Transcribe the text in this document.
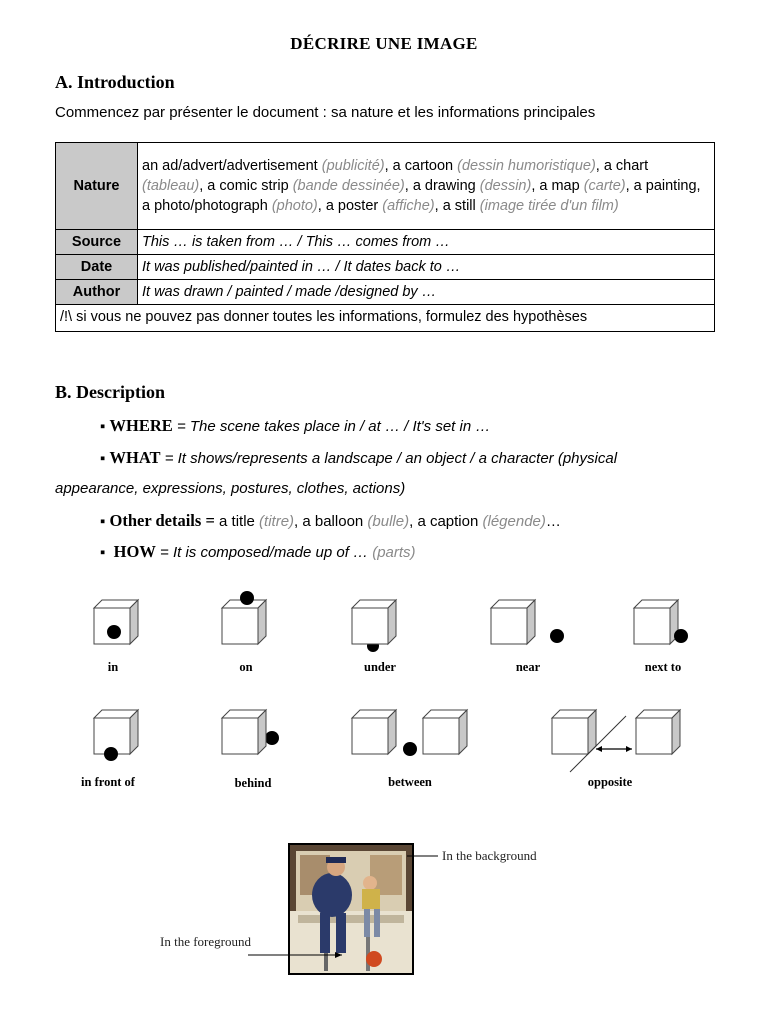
DÉCRIRE UNE IMAGE
A. Introduction
Commencez par présenter le document : sa nature et les informations principales
Nature	an ad/advert/advertisement (publicité), a cartoon (dessin humoristique), a chart (tableau), a comic strip (bande dessinée), a drawing (dessin), a map (carte), a painting, a photo/photograph (photo), a poster (affiche), a still (image tirée d'un film)
Source	This … is taken from … / This … comes from …
Date	It was published/painted in … / It dates back to …
Author	It was drawn / painted / made /designed by …
/!\ si vous ne pouvez pas donner toutes les informations, formulez des hypothèses	
B. Description
▪ WHERE = The scene takes place in / at … / It's set in …
▪ WHAT = It shows/represents a landscape / an object / a character (physical
appearance, expressions, postures, clothes, actions)
▪ Other details = a title (titre), a balloon (bulle), a caption (légende)…
▪  HOW = It is composed/made up of … (parts)
in	on	under	near	next to
in front of	behind	between	opposite
In the background
In the foreground
